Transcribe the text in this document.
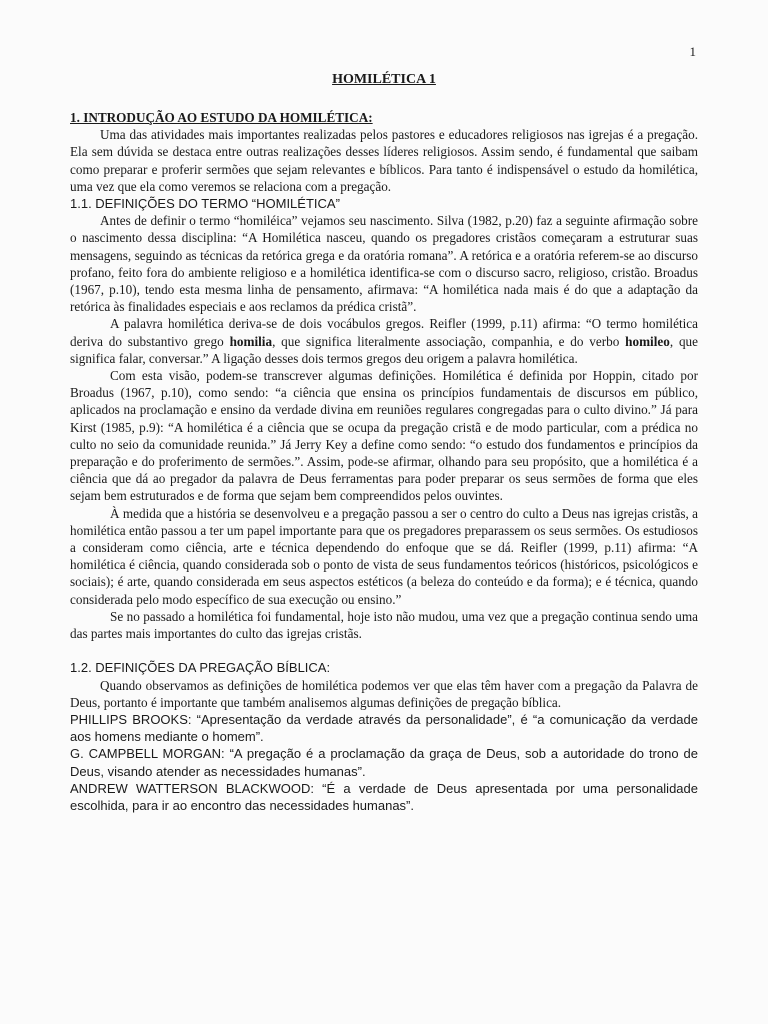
1
HOMILÉTICA 1

1. INTRODUÇÃO AO ESTUDO DA HOMILÉTICA:

Uma das atividades mais importantes realizadas pelos pastores e educadores religiosos nas igrejas é a pregação. Ela sem dúvida se destaca entre outras realizações desses líderes religiosos. Assim sendo, é fundamental que saibam como preparar e proferir sermões que sejam relevantes e bíblicos. Para tanto é indispensável o estudo da homilética, uma vez que ela como veremos se relaciona com a pregação.

1.1. DEFINIÇÕES DO TERMO “HOMILÉTICA”

Antes de definir o termo “homiléica” vejamos seu nascimento. Silva (1982, p.20) faz a seguinte afirmação sobre o nascimento dessa disciplina: “A Homilética nasceu, quando os pregadores cristãos começaram a estruturar suas mensagens, seguindo as técnicas da retórica grega e da oratória romana”. A retórica e a oratória referem-se ao discurso profano, feito fora do ambiente religioso e a homilética identifica-se com o discurso sacro, religioso, cristão. Broadus (1967, p.10), tendo esta mesma linha de pensamento, afirmava: “A homilética nada mais é do que a adaptação da retórica às finalidades especiais e aos reclamos da prédica cristã”.

A palavra homilética deriva-se de dois vocábulos gregos. Reifler (1999, p.11) afirma: “O termo homilética deriva do substantivo grego homilia, que significa literalmente associação, companhia, e do verbo homileo, que significa falar, conversar.” A ligação desses dois termos gregos deu origem a palavra homilética.

Com esta visão, podem-se transcrever algumas definições. Homilética é definida por Hoppin, citado por Broadus (1967, p.10), como sendo: “a ciência que ensina os princípios fundamentais de discursos em público, aplicados na proclamação e ensino da verdade divina em reuniões regulares congregadas para o culto divino.” Já para Kirst (1985, p.9): “A homilética é a ciência que se ocupa da pregação cristã e de modo particular, com a prédica no culto no seio da comunidade reunida.” Já Jerry Key a define como sendo: “o estudo dos fundamentos e princípios da preparação e do proferimento de sermões.”. Assim, pode-se afirmar, olhando para seu propósito, que a homilética é a ciência que dá ao pregador da palavra de Deus ferramentas para poder preparar os seus sermões de forma que eles sejam bem estruturados e de forma que sejam bem compreendidos pelos ouvintes.

À medida que a história se desenvolveu e a pregação passou a ser o centro do culto a Deus nas igrejas cristãs, a homilética então passou a ter um papel importante para que os pregadores preparassem os seus sermões. Os estudiosos a consideram como ciência, arte e técnica dependendo do enfoque que se dá. Reifler (1999, p.11) afirma: “A homilética é ciência, quando considerada sob o ponto de vista de seus fundamentos teóricos (históricos, psicológicos e sociais); é arte, quando considerada em seus aspectos estéticos (a beleza do conteúdo e da forma); e é técnica, quando considerada pelo modo específico de sua execução ou ensino.”

Se no passado a homilética foi fundamental, hoje isto não mudou, uma vez que a pregação continua sendo uma das partes mais importantes do culto das igrejas cristãs.

1.2. DEFINIÇÕES DA PREGAÇÃO BÍBLICA:

Quando observamos as definições de homilética podemos ver que elas têm haver com a pregação da Palavra de Deus, portanto é importante que também analisemos algumas definições de pregação bíblica.

PHILLIPS BROOKS: “Apresentação da verdade através da personalidade”, é “a comunicação da verdade aos homens mediante o homem”.

G. CAMPBELL MORGAN: “A pregação é a proclamação da graça de Deus, sob a autoridade do trono de Deus, visando atender as necessidades humanas”.

ANDREW WATTERSON BLACKWOOD: “É a verdade de Deus apresentada por uma personalidade escolhida, para ir ao encontro das necessidades humanas”.
